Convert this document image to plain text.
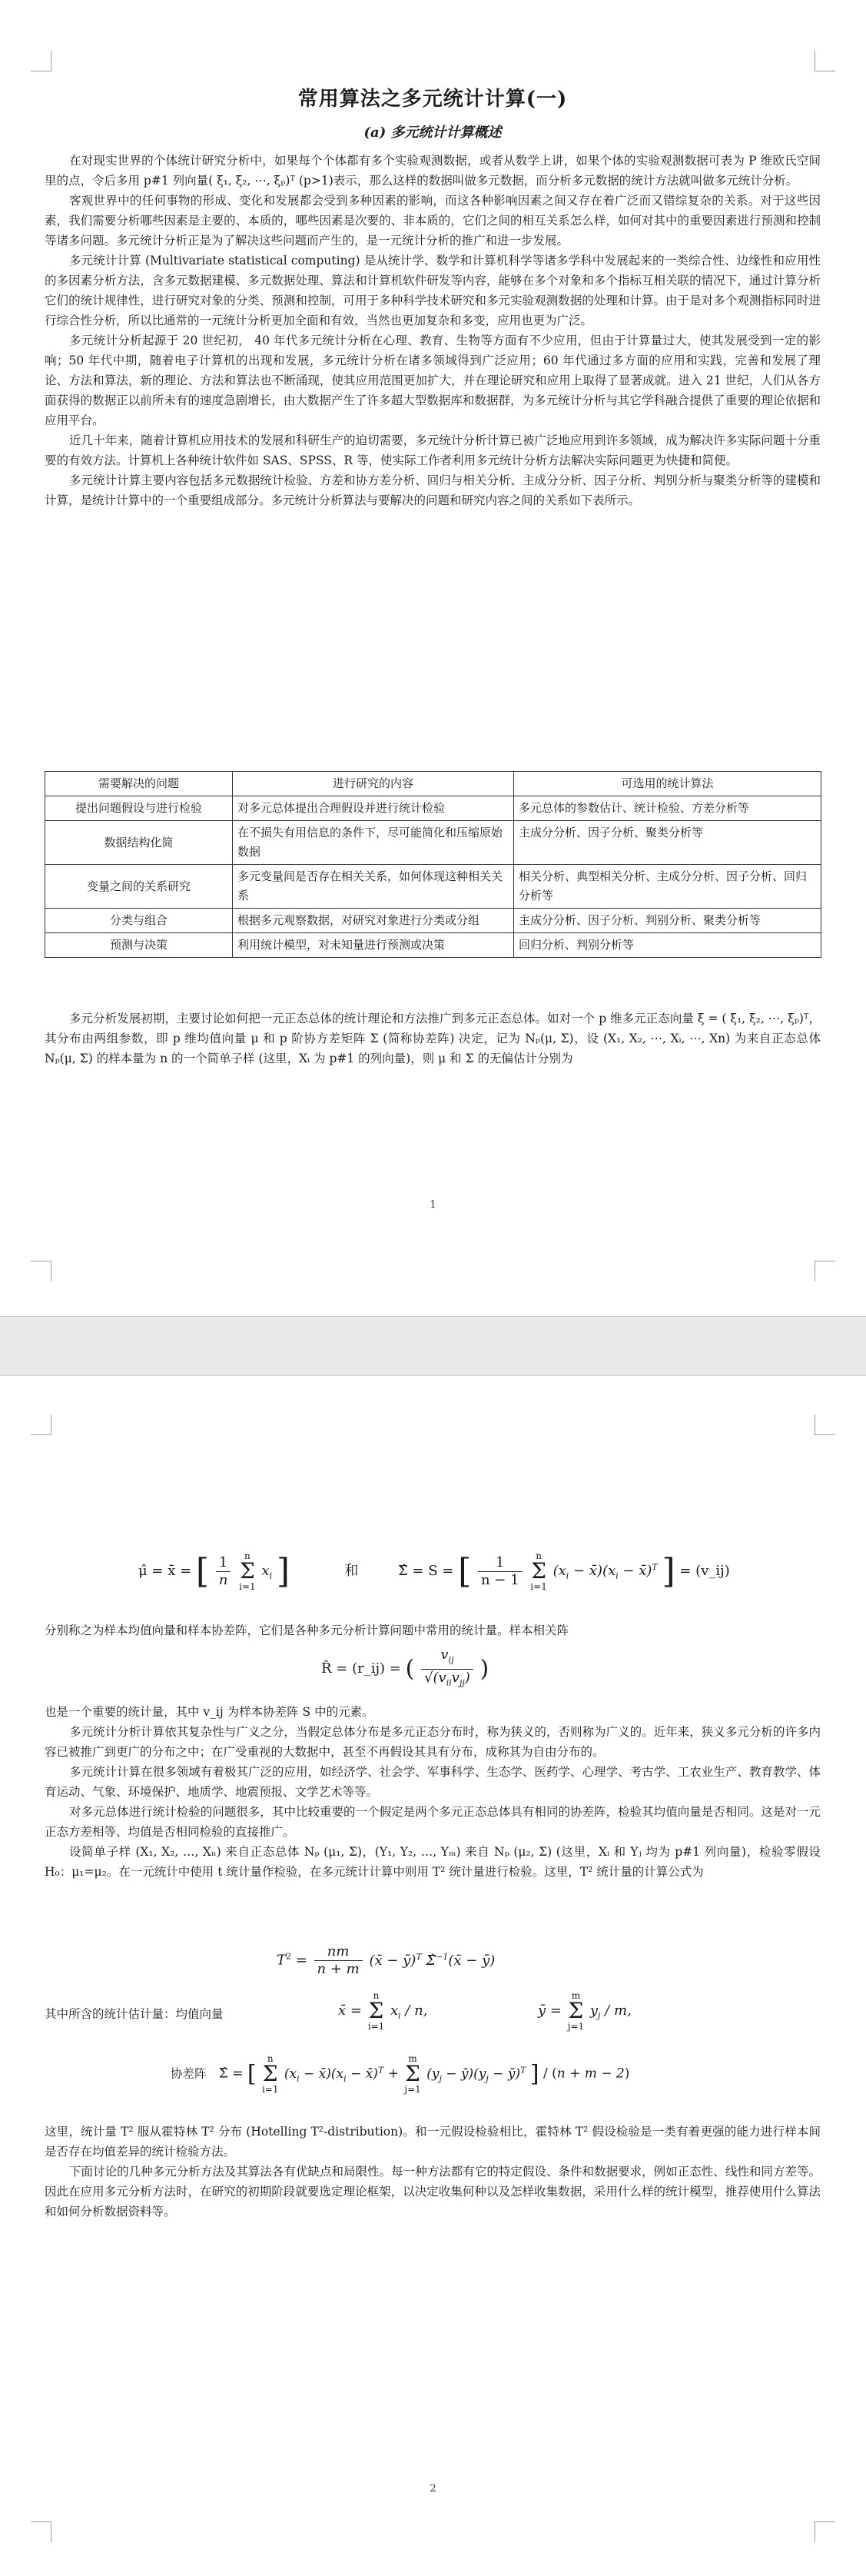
常用算法之多元统计计算(一)
(a) 多元统计计算概述

在对现实世界的个体统计研究分析中，如果每个个体都有多个实验观测数据，或者从数学上讲，如果个体的实验观测数据可表为 P 维欧氏空间里的点，令后多用 p#1 列向量( ξ₁, ξ₂, ⋯, ξₚ)ᵀ (p>1)表示，那么这样的数据叫做多元数据，而分析多元数据的统计方法就叫做多元统计分析。

客观世界中的任何事物的形成、变化和发展都会受到多种因素的影响，而这各种影响因素之间又存在着广泛而又错综复杂的关系。对于这些因素，我们需要分析哪些因素是主要的、本质的，哪些因素是次要的、非本质的，它们之间的相互关系怎么样，如何对其中的重要因素进行预测和控制等诸多问题。多元统计分析正是为了解决这些问题而产生的，是一元统计分析的推广和进一步发展。

多元统计计算 (Multivariate statistical computing) 是从统计学、数学和计算机科学等诸多学科中发展起来的一类综合性、边缘性和应用性的多因素分析方法，含多元数据建模、多元数据处理、算法和计算机软件研发等内容，能够在多个对象和多个指标互相关联的情况下，通过计算分析它们的统计规律性，进行研究对象的分类、预测和控制，可用于多种科学技术研究和多元实验观测数据的处理和计算。由于是对多个观测指标同时进行综合性分析，所以比通常的一元统计分析更加全面和有效，当然也更加复杂和多变，应用也更为广泛。

多元统计分析起源于 20 世纪初， 40 年代多元统计分析在心理、教育、生物等方面有不少应用，但由于计算量过大，使其发展受到一定的影响；50 年代中期，随着电子计算机的出现和发展，多元统计分析在诸多领域得到广泛应用；60 年代通过多方面的应用和实践，完善和发展了理论、方法和算法，新的理论、方法和算法也不断涌现，使其应用范围更加扩大，并在理论研究和应用上取得了显著成就。进入 21 世纪，人们从各方面获得的数据正以前所未有的速度急剧增长，由大数据产生了许多超大型数据库和数据群，为多元统计分析与其它学科融合提供了重要的理论依据和应用平台。

近几十年来，随着计算机应用技术的发展和科研生产的迫切需要，多元统计分析计算已被广泛地应用到许多领域，成为解决许多实际问题十分重要的有效方法。计算机上各种统计软件如 SAS、SPSS、R 等，使实际工作者利用多元统计分析方法解决实际问题更为快捷和简便。

多元统计计算主要内容包括多元数据统计检验、方差和协方差分析、回归与相关分析、主成分分析、因子分析、判别分析与聚类分析等的建模和计算，是统计计算中的一个重要组成部分。多元统计分析算法与要解决的问题和研究内容之间的关系如下表所示。

需要解决的问题	进行研究的内容	可选用的统计算法
提出问题假设与进行检验	对多元总体提出合理假设并进行统计检验	多元总体的参数估计、统计检验、方差分析等
数据结构化简	在不损失有用信息的条件下，尽可能简化和压缩原始数据	主成分分析、因子分析、聚类分析等
变量之间的关系研究	多元变量间是否存在相关关系，如何体现这种相关关系	相关分析、典型相关分析、主成分分析、因子分析、回归分析等
分类与组合	根据多元观察数据，对研究对象进行分类或分组	主成分分析、因子分析、判别分析、聚类分析等
预测与决策	利用统计模型，对未知量进行预测或决策	回归分析、判别分析等

多元分析发展初期，主要讨论如何把一元正态总体的统计理论和方法推广到多元正态总体。如对一个 p 维多元正态向量 ξ = ( ξ₁, ξ₂, ⋯, ξₚ)ᵀ，其分布由两组参数，即 p 维均值向量 μ 和 p 阶协方差矩阵 Σ (简称协差阵) 决定，记为 Nₚ(μ, Σ)，设 (X₁, X₂, ⋯, Xᵢ, ⋯, Xn) 为来自正态总体 Nₚ(μ, Σ) 的样本量为 n 的一个简单子样 (这里，Xᵢ 为 p#1 的列向量)，则 μ 和 Σ 的无偏估计分别为

1
μ̂ = x̄ = [ $\frac{1}{n}$ n
Σ
i=1 $x_i$ ]	和	Σ̂ = S = [ $\frac{1}{n - 1}$ n
Σ
i=1 ($x_i$ − $x̄)(x_i$ − x̄)$^T$ ] = (v_ij)

分别称之为样本均值向量和样本协差阵，它们是各种多元分析计算问题中常用的统计量。样本相关阵

R̂ = (r_ij) = ( $\frac{v_{ij}}{√(v_{ii}v_{jj})}$ )

也是一个重要的统计量，其中 v_ij 为样本协差阵 S 中的元素。

多元统计分析计算依其复杂性与广义之分，当假定总体分布是多元正态分布时，称为狭义的，否则称为广义的。近年来，狭义多元分析的许多内容已被推广到更广的分布之中；在广受重视的大数据中，甚至不再假设其具有分布，成称其为自由分布的。

多元统计计算在很多领域有着极其广泛的应用，如经济学、社会学、军事科学、生态学、医药学、心理学、考古学、工农业生产、教育教学、体育运动、气象、环境保护、地质学、地震预报、文学艺术等等。

对多元总体进行统计检验的问题很多，其中比较重要的一个假定是两个多元正态总体具有相同的协差阵，检验其均值向量是否相同。这是对一元正态方差相等、均值是否相同检验的直接推广。

设简单子样 (X₁, X₂, …, Xₙ) 来自正态总体 Nₚ (μ₁, Σ)，(Y₁, Y₂, …, Yₘ) 来自 Nₚ (μ₂, Σ) (这里，Xᵢ 和 Yⱼ 均为 p#1 列向量)，检验零假设 H₀：μ₁=μ₂。在一元统计中使用 t 统计量作检验，在多元统计计算中则用 T² 统计量进行检验。这里，T² 统计量的计算公式为

$T^2 = \frac{nm}{n + m}$ (x̄ − ȳ)$^T$ Σ̂$^{-1}$(x̄ − ȳ)
其中所含的统计估计量：均值向量	x̄ = n
Σ
i=1 $x_i$ / n,	ȳ = m
Σ
j=1 $y_j$ / m,
协差阵   Σ̂ = [ n
Σ
i=1 ($x_i$ − $x̄)(x_i$ − x̄)$^T$ + m
Σ
j=1 ($y_j$ − $ȳ)(y_j$ − ȳ)$^T$ ] / (n + m − 2)

这里，统计量 T² 服从霍特林 T² 分布 (Hotelling T²-distribution)。和一元假设检验相比，霍特林 T² 假设检验是一类有着更强的能力进行样本间是否存在均值差异的统计检验方法。

下面讨论的几种多元分析方法及其算法各有优缺点和局限性。每一种方法都有它的特定假设、条件和数据要求，例如正态性、线性和同方差等。因此在应用多元分析方法时，在研究的初期阶段就要选定理论框架，以决定收集何种以及怎样收集数据，采用什么样的统计模型，推荐使用什么算法和如何分析数据资料等。

2
